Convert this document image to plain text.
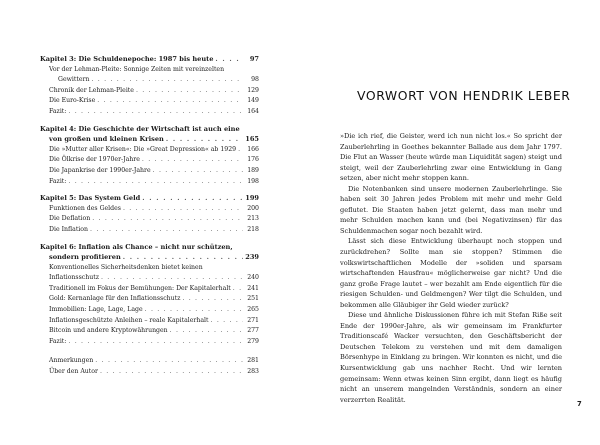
Kapitel 3: Die Schuldenepoche: 1987 bis heute . . .	97
Vor der Lehman-Pleite: Sonnige Zeiten mit vereinzelten
Gewittern . . .	98
Chronik der Lehman-Pleite . . .	129
Die Euro-Krise . . .	149
Fazit: . . .	164
Kapitel 4: Die Geschichte der Wirtschaft ist auch eine
von großen und kleinen Krisen . . .	165
Die »Mutter aller Krisen«: Die »Great Depression« ab 1929 . . .	166
Die Ölkrise der 1970er-Jahre . . .	176
Die Japankrise der 1990er-Jahre . . .	189
Fazit: . . .	198
Kapitel 5: Das System Geld . . .	199
Funktionen des Geldes . . .	200
Die Deflation . . .	213
Die Inflation . . .	218
Kapitel 6: Inflation als Chance – nicht nur schützen,
sondern profitieren . . .	239
Konventionelles Sicherheitsdenken bietet keinen
Inflationsschutz . . .	240
Traditionell im Fokus der Bemühungen: Der Kapitalerhalt . . .	241
Gold: Kernanlage für den Inflationsschutz . . .	251
Immobilien: Lage, Lage, Lage . . .	265
Inflationsgeschützte Anleihen – reale Kapitalerhalt . . .	271
Bitcoin und andere Kryptowährungen . . .	277
Fazit: . . .	279
Anmerkungen . . .	281
Über den Autor . . .	283
VORWORT VON HENDRIK LEBER

»Die ich rief, die Geister, werd ich nun nicht los.« So spricht der Zauberlehrling in Goethes bekannter Ballade aus dem Jahr 1797. Die Flut an Wasser (heute würde man Liquidität sagen) steigt und steigt, weil der Zauberlehrling zwar eine Entwicklung in Gang setzen, aber nicht mehr stoppen kann.

Die Notenbanken sind unsere modernen Zauberlehrlinge. Sie haben seit 30 Jahren jedes Problem mit mehr und mehr Geld geflutet. Die Staaten haben jetzt gelernt, dass man mehr und mehr Schulden machen kann und (bei Negativzinsen) für das Schuldenmachen sogar noch bezahlt wird.

Lässt sich diese Entwicklung überhaupt noch stoppen und zurückdrehen? Sollte man sie stoppen? Stimmen die volkswirtschaftlichen Modelle der »soliden und sparsam wirtschaftenden Hausfrau« möglicherweise gar nicht? Und die ganz große Frage lautet – wer bezahlt am Ende eigentlich für die riesigen Schulden- und Geldmengen? Wer tilgt die Schulden, und bekommen alle Gläubiger ihr Geld wieder zurück?

Diese und ähnliche Diskussionen führe ich mit Stefan Riße seit Ende der 1990er-Jahre, als wir gemeinsam im Frankfurter Traditionscafé Wacker versuchten, den Geschäftsbericht der Deutschen Telekom zu verstehen und mit dem damaligen Börsenhype in Einklang zu bringen. Wir konnten es nicht, und die Kursentwicklung gab uns nachher Recht. Und wir lernten gemeinsam: Wenn etwas keinen Sinn ergibt, dann liegt es häufig nicht an unserem mangelnden Verständnis, sondern an einer verzerrten Realität.

7
